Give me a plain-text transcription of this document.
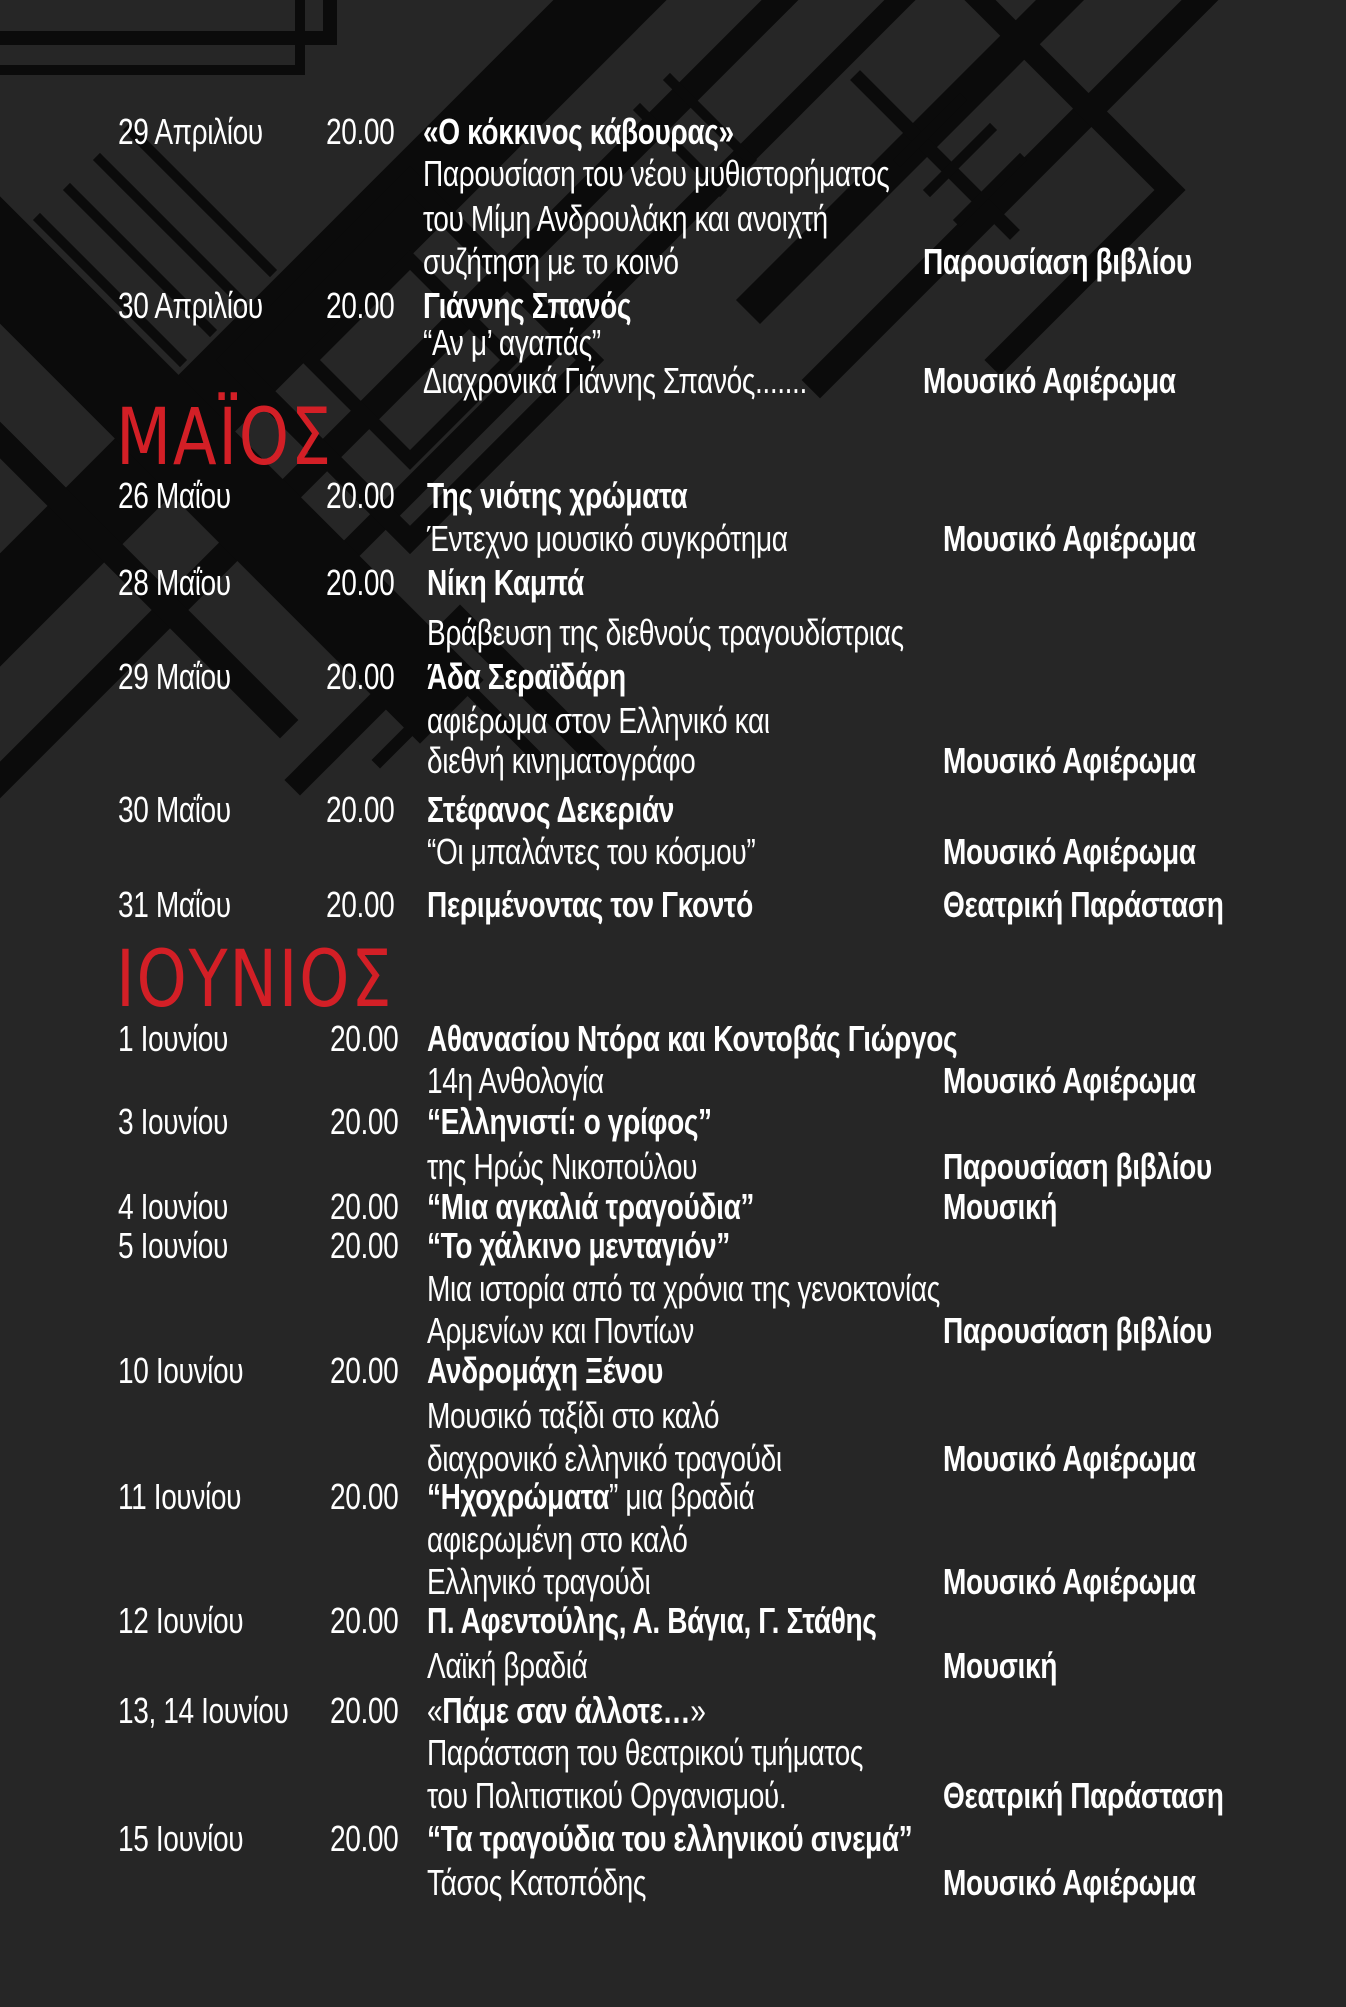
29 Απριλίου 20.00 «Ο κόκκινος κάβουρας»
Παρουσίαση του νέου μυθιστορήματος
του Μίμη Ανδρουλάκη και ανοιχτή
συζήτηση με το κοινό	Παρουσίαση βιβλίου
30 Απριλίου 20.00 Γιάννης Σπανός
“Αν μ’ αγαπάς”
Διαχρονικά Γιάννης Σπανός.......	Μουσικό Αφιέρωμα
ΜΑΪΟΣ
26 Μαΐου	20.00 Της νιότης χρώματα
Έντεχνο μουσικό συγκρότημα	Μουσικό Αφιέρωμα
28 Μαΐου	20.00 Νίκη Καμπά
Βράβευση της διεθνούς τραγουδίστριας
29 Μαΐου	20.00 Άδα Σεραϊδάρη
αφιέρωμα στον Ελληνικό και
διεθνή κινηματογράφο	Μουσικό Αφιέρωμα
30 Μαΐου	20.00 Στέφανος Δεκεριάν
“Οι μπαλάντες του κόσμου”	Μουσικό Αφιέρωμα
31 Μαΐου	20.00 Περιμένοντας τον Γκοντό	Θεατρική Παράσταση
ΙΟΥΝΙΟΣ
1 Ιουνίου	20.00 Αθανασίου Ντόρα και Κοντοβάς Γιώργος
14η Ανθολογία	Μουσικό Αφιέρωμα
3 Ιουνίου	20.00 “Ελληνιστί: ο γρίφος”
της Ηρώς Νικοπούλου	Παρουσίαση βιβλίου
4 Ιουνίου	20.00 “Μια αγκαλιά τραγούδια”	Μουσική
5 Ιουνίου	20.00 “Το χάλκινο μενταγιόν”
Μια ιστορία από τα χρόνια της γενοκτονίας
Αρμενίων και Ποντίων	Παρουσίαση βιβλίου
10 Ιουνίου 20.00 Ανδρομάχη Ξένου
Μουσικό ταξίδι στο καλό
διαχρονικό ελληνικό τραγούδι	Μουσικό Αφιέρωμα
11 Ιουνίου 20.00 “Ηχοχρώματα” μια βραδιά
αφιερωμένη στο καλό
Ελληνικό τραγούδι	Μουσικό Αφιέρωμα
12 Ιουνίου 20.00 Π. Αφεντούλης, Α. Βάγια, Γ. Στάθης
Λαϊκή βραδιά	Μουσική
13, 14 Ιουνίου 20.00 «Πάμε σαν άλλοτε…»
Παράσταση του θεατρικού τμήματος
του Πολιτιστικού Οργανισμού.	Θεατρική Παράσταση
15 Ιουνίου 20.00 “Τα τραγούδια του ελληνικού σινεμά”
Τάσος Κατοπόδης	Μουσικό Αφιέρωμα
